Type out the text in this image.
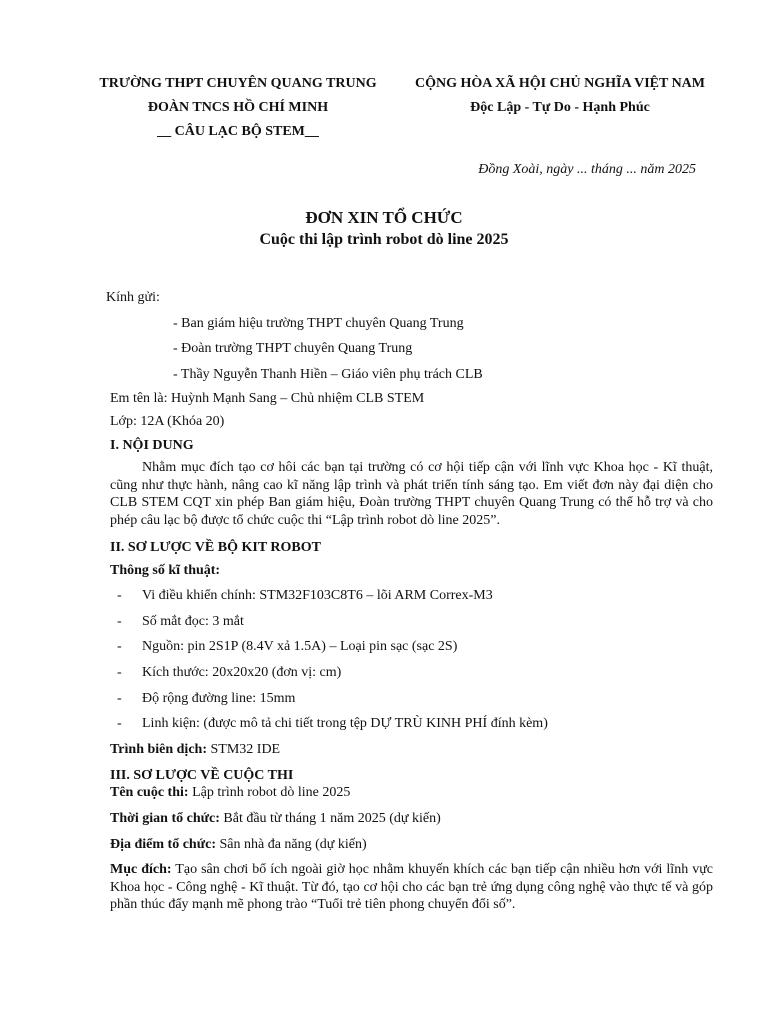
TRƯỜNG THPT CHUYÊN QUANG TRUNG
ĐOÀN TNCS HỒ CHÍ MINH
__ CÂU LẠC BỘ STEM__
CỘNG HÒA XÃ HỘI CHỦ NGHĨA VIỆT NAM
Độc Lập - Tự Do - Hạnh Phúc
Đồng Xoài, ngày ... tháng ... năm 2025
ĐƠN XIN TỔ CHỨC
Cuộc thi lập trình robot dò line 2025
Kính gửi:
- Ban giám hiệu trường THPT chuyên Quang Trung
- Đoàn trường THPT chuyên Quang Trung
- Thầy Nguyễn Thanh Hiền – Giáo viên phụ trách CLB
Em tên là: Huỳnh Mạnh Sang – Chủ nhiệm CLB STEM
Lớp: 12A (Khóa 20)
I. NỘI DUNG
Nhằm mục đích tạo cơ hôi các bạn tại trường có cơ hội tiếp cận với lĩnh vực Khoa học - Kĩ thuật, cũng như thực hành, nâng cao kĩ năng lập trình và phát triển tính sáng tạo. Em viết đơn này đại diện cho CLB STEM CQT xin phép Ban giám hiệu, Đoàn trường THPT chuyên Quang Trung có thể hỗ trợ và cho phép câu lạc bộ được tổ chức cuộc thi “Lập trình robot dò line 2025”.
II. SƠ LƯỢC VỀ BỘ KIT ROBOT
Thông số kĩ thuật:
- Vi điều khiển chính: STM32F103C8T6 – lõi ARM Correx-M3
- Số mắt đọc: 3 mắt
- Nguồn: pin 2S1P (8.4V xả 1.5A) – Loại pin sạc (sạc 2S)
- Kích thước: 20x20x20 (đơn vị: cm)
- Độ rộng đường line: 15mm
- Linh kiện: (được mô tả chi tiết trong tệp DỰ TRÙ KINH PHÍ đính kèm)
Trình biên dịch: STM32 IDE
III. SƠ LƯỢC VỀ CUỘC THI
Tên cuộc thi: Lập trình robot dò line 2025
Thời gian tổ chức: Bắt đầu từ tháng 1 năm 2025 (dự kiến)
Địa điểm tổ chức: Sân nhà đa năng (dự kiến)
Mục đích: Tạo sân chơi bổ ích ngoài giờ học nhằm khuyến khích các bạn tiếp cận nhiều hơn với lĩnh vực Khoa học - Công nghệ - Kĩ thuật. Từ đó, tạo cơ hội cho các bạn trẻ ứng dụng công nghệ vào thực tế và góp phần thúc đẩy mạnh mẽ phong trào “Tuổi trẻ tiên phong chuyển đổi số”.
